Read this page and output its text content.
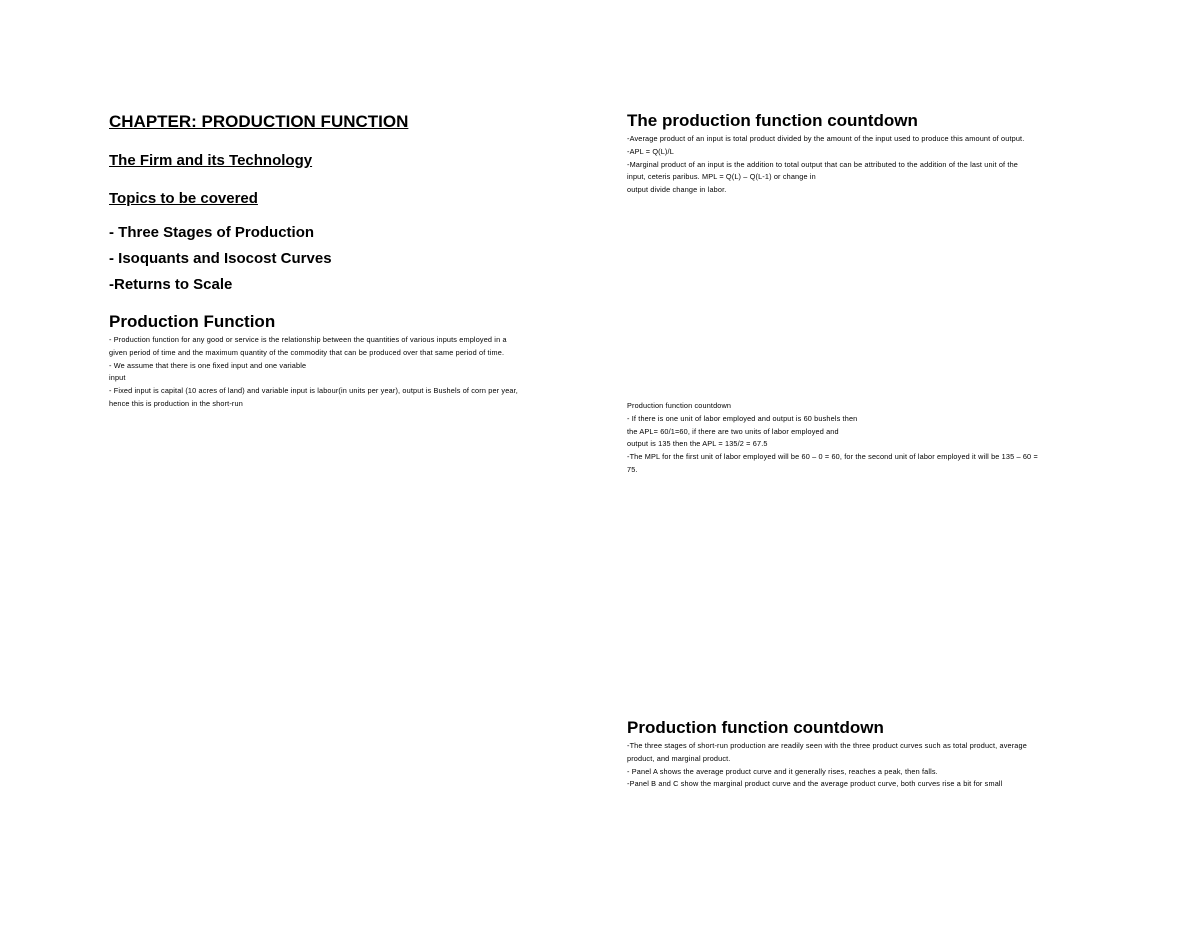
CHAPTER: PRODUCTION FUNCTION

The Firm and its Technology

Topics to be covered

- Three Stages of Production

- Isoquants and Isocost Curves

-Returns to Scale

Production Function

- Production function for any good or service is the relationship between the quantities of various inputs employed in a

given period of time and the maximum quantity of the commodity that can be produced over that same period of time.

- We assume that there is one fixed input and one variable

input

- Fixed input is capital (10 acres of land) and variable input is labour(in units per year), output is Bushels of corn per year,

hence this is production in the short-run

The production function countdown

-Average product of an input is total product divided by the amount of the input used to produce this amount of output.

-APL = Q(L)/L

-Marginal product of an input is the addition to total output that can be attributed to the addition of the last unit of the

input, ceteris paribus. MPL = Q(L) – Q(L-1) or change in

output divide change in labor.

Production function countdown

- If there is one unit of labor employed and output is 60 bushels then

the APL= 60/1=60, if there are two units of labor employed and

output is 135 then the APL = 135/2 = 67.5

-The MPL for the first unit of labor employed will be 60 – 0 = 60, for the second unit of labor employed it will be 135 – 60 =

75.

Production function countdown

-The three stages of short-run production are readily seen with the three product curves such as total product, average

product, and marginal product.

- Panel A shows the average product curve and it generally rises, reaches a peak, then falls.

-Panel B and C show the marginal product curve and the average product curve, both curves rise a bit for small
